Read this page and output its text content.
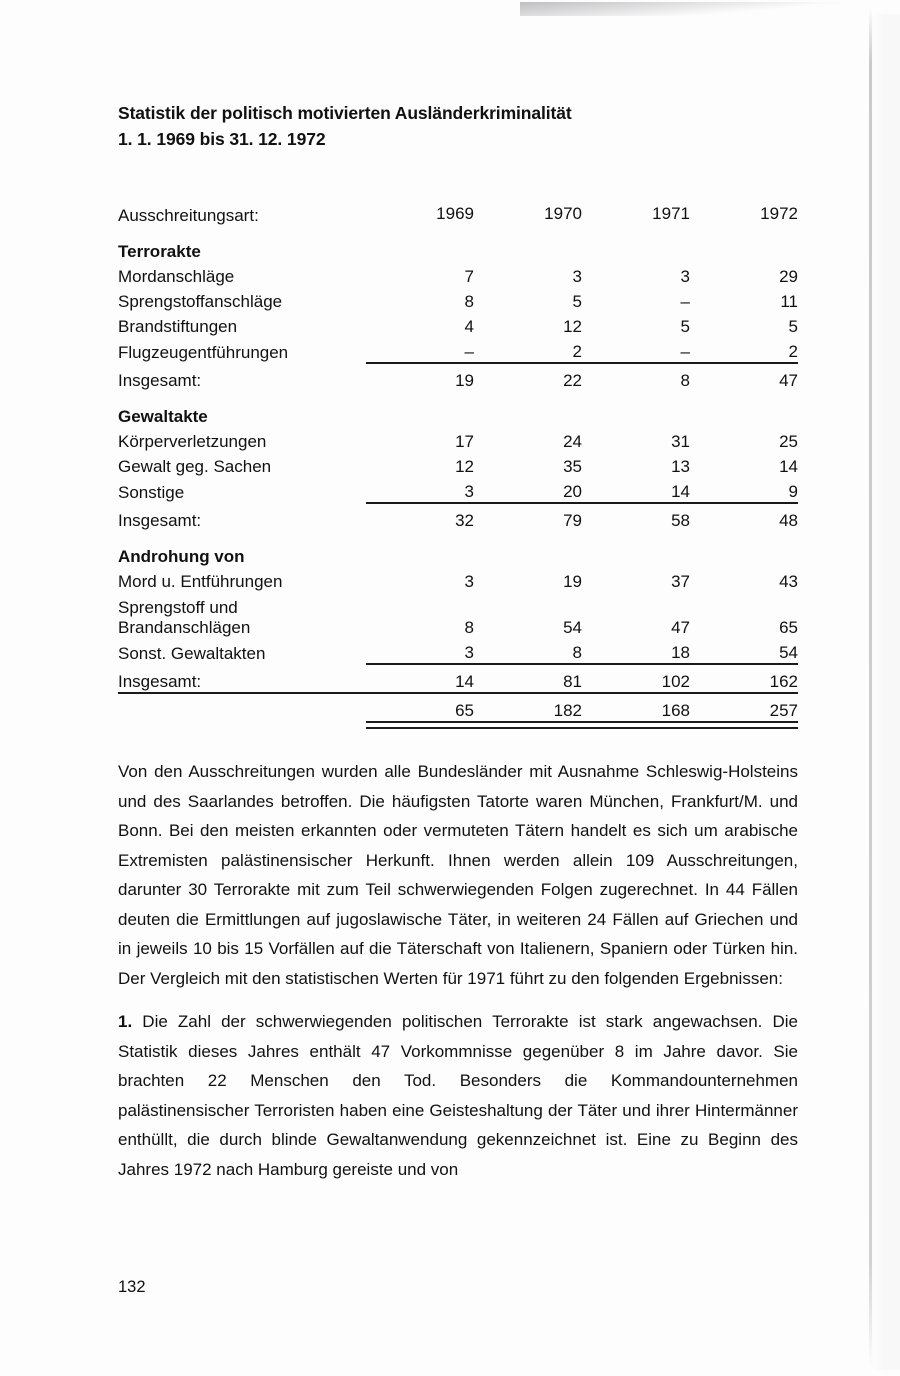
Statistik der politisch motivierten Ausländerkriminalität
1. 1. 1969 bis 31. 12. 1972
Ausschreitungsart:	1969	1970	1971	1972
Terrorakte				
Mordanschläge	7	3	3	29
Sprengstoffanschläge	8	5	–	11
Brandstiftungen	4	12	5	5
Flugzeugentführungen	–	2	–	2
Insgesamt:	19	22	8	47
Gewaltakte				
Körperverletzungen	17	24	31	25
Gewalt geg. Sachen	12	35	13	14
Sonstige	3	20	14	9
Insgesamt:	32	79	58	48
Androhung von				
Mord u. Entführungen	3	19	37	43

Sprengstoff und
Brandanschlägen	8	54	47	65
Sonst. Gewaltakten	3	8	18	54
Insgesamt:	14	81	102	162
	65	182	168	257

Von den Ausschreitungen wurden alle Bundesländer mit Ausnahme Schleswig-Holsteins und des Saarlandes betroffen. Die häufigsten Tatorte waren München, Frankfurt/M. und Bonn. Bei den meisten erkannten oder vermuteten Tätern handelt es sich um arabische Extremisten palästinensischer Herkunft. Ihnen werden allein 109 Ausschreitungen, darunter 30 Terrorakte mit zum Teil schwerwiegenden Folgen zugerechnet. In 44 Fällen deuten die Ermittlungen auf jugoslawische Täter, in weiteren 24 Fällen auf Griechen und in jeweils 10 bis 15 Vorfällen auf die Täterschaft von Italienern, Spaniern oder Türken hin. Der Vergleich mit den statistischen Werten für 1971 führt zu den folgenden Ergebnissen:

1. Die Zahl der schwerwiegenden politischen Terrorakte ist stark angewachsen. Die Statistik dieses Jahres enthält 47 Vorkommnisse gegenüber 8 im Jahre davor. Sie brachten 22 Menschen den Tod. Besonders die Kommandounternehmen palästinensischer Terroristen haben eine Geisteshaltung der Täter und ihrer Hintermänner enthüllt, die durch blinde Gewaltanwendung gekennzeichnet ist. Eine zu Beginn des Jahres 1972 nach Hamburg gereiste und von

132
